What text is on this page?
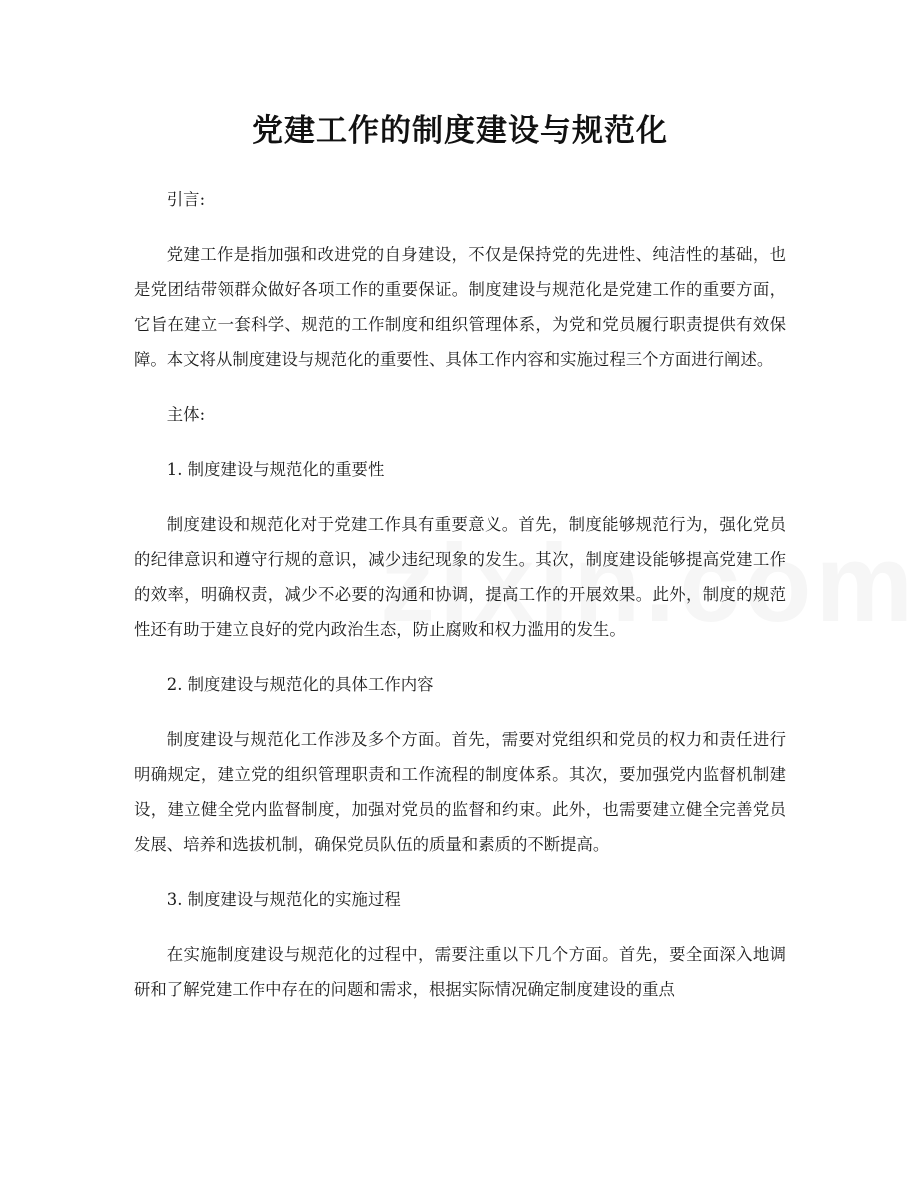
党建工作的制度建设与规范化

引言:

党建工作是指加强和改进党的自身建设，不仅是保持党的先进性、纯洁性的基础，也是党团结带领群众做好各项工作的重要保证。制度建设与规范化是党建工作的重要方面，它旨在建立一套科学、规范的工作制度和组织管理体系，为党和党员履行职责提供有效保障。本文将从制度建设与规范化的重要性、具体工作内容和实施过程三个方面进行阐述。

主体:

1. 制度建设与规范化的重要性

制度建设和规范化对于党建工作具有重要意义。首先，制度能够规范行为，强化党员的纪律意识和遵守行规的意识，减少违纪现象的发生。其次，制度建设能够提高党建工作的效率，明确权责，减少不必要的沟通和协调，提高工作的开展效果。此外，制度的规范性还有助于建立良好的党内政治生态，防止腐败和权力滥用的发生。

2. 制度建设与规范化的具体工作内容

制度建设与规范化工作涉及多个方面。首先，需要对党组织和党员的权力和责任进行明确规定，建立党的组织管理职责和工作流程的制度体系。其次，要加强党内监督机制建设，建立健全党内监督制度，加强对党员的监督和约束。此外，也需要建立健全完善党员发展、培养和选拔机制，确保党员队伍的质量和素质的不断提高。

3. 制度建设与规范化的实施过程

在实施制度建设与规范化的过程中，需要注重以下几个方面。首先，要全面深入地调研和了解党建工作中存在的问题和需求，根据实际情况确定制度建设的重点
